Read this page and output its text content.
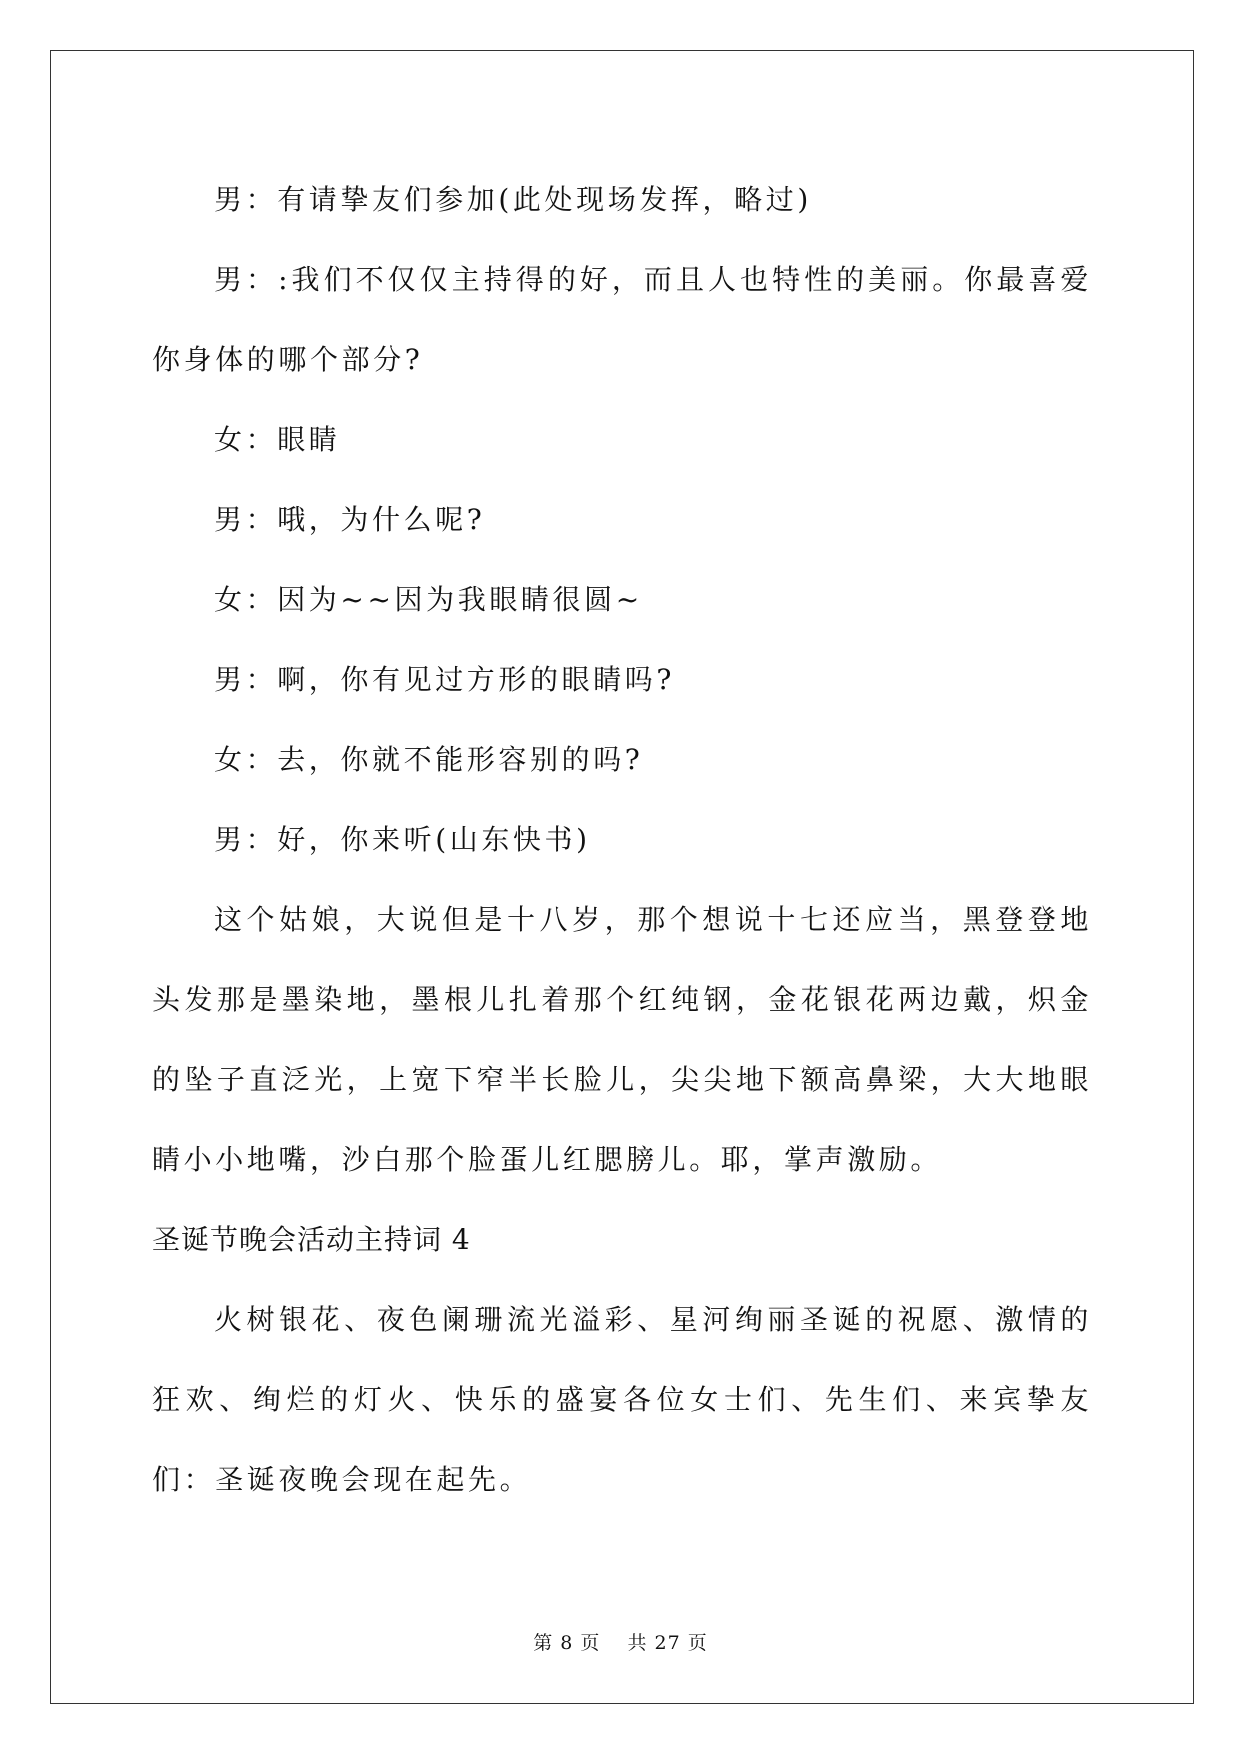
男：有请挚友们参加(此处现场发挥，略过)

男：:我们不仅仅主持得的好，而且人也特性的美丽。你最喜爱你身体的哪个部分?

女：眼睛

男：哦，为什么呢?

女：因为~~因为我眼睛很圆~

男：啊，你有见过方形的眼睛吗?

女：去，你就不能形容别的吗?

男：好，你来听(山东快书)

这个姑娘，大说但是十八岁，那个想说十七还应当，黑登登地头发那是墨染地，墨根儿扎着那个红纯钢，金花银花两边戴，炽金的坠子直泛光，上宽下窄半长脸儿，尖尖地下额高鼻梁，大大地眼睛小小地嘴，沙白那个脸蛋儿红腮膀儿。耶，掌声激励。

圣诞节晚会活动主持词 4

火树银花、夜色阑珊流光溢彩、星河绚丽圣诞的祝愿、激情的狂欢、绚烂的灯火、快乐的盛宴各位女士们、先生们、来宾挚友们：圣诞夜晚会现在起先。

第 8 页 共 27 页
